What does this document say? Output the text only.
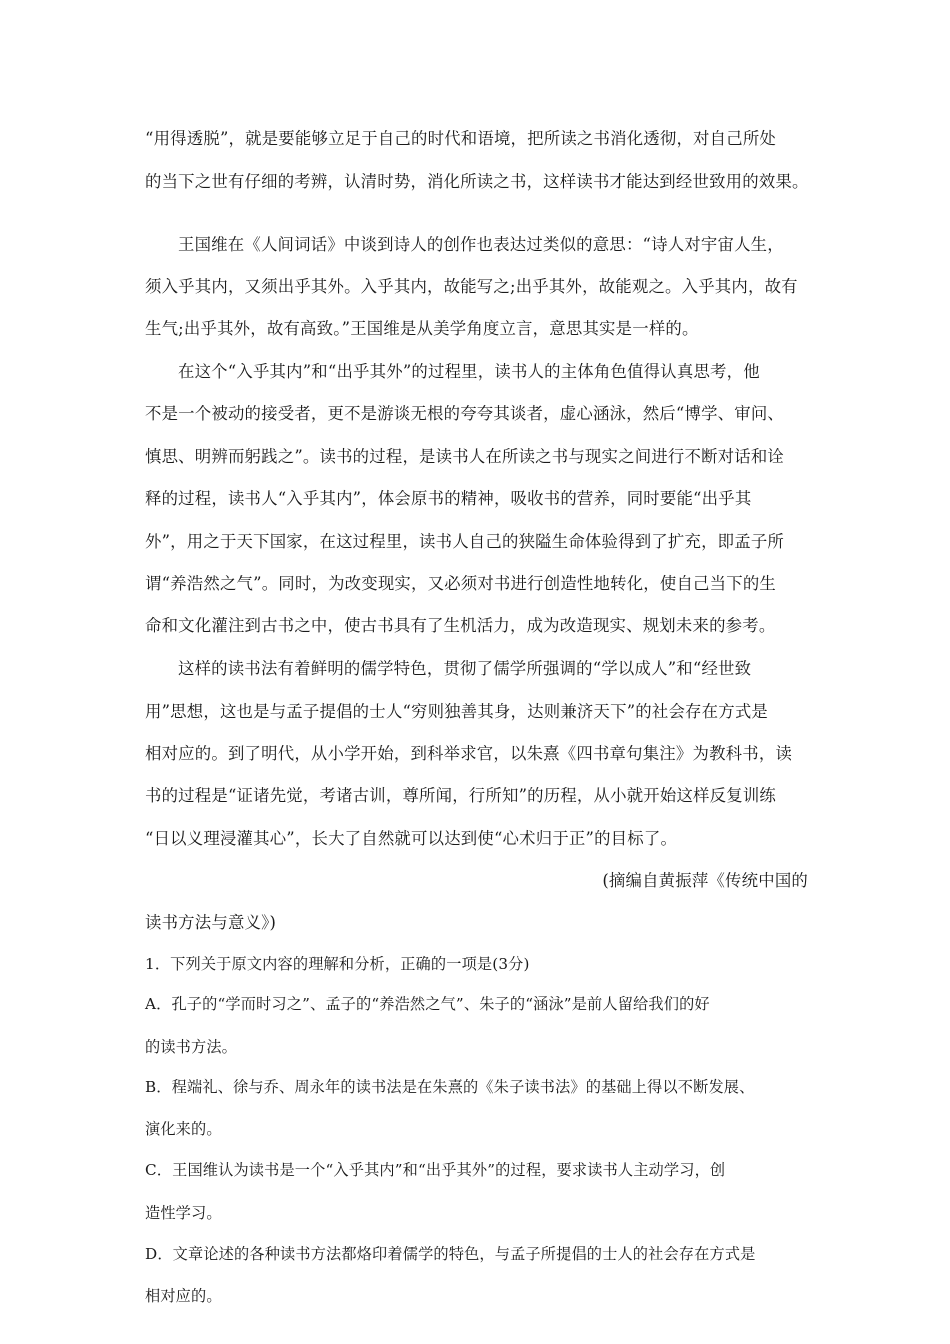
“用得透脱”，就是要能够立足于自己的时代和语境，把所读之书消化透彻，对自己所处
的当下之世有仔细的考辨，认清时势，消化所读之书，这样读书才能达到经世致用的效果。
王国维在《人间词话》中谈到诗人的创作也表达过类似的意思：“诗人对宇宙人生，
须入乎其内，又须出乎其外。入乎其内，故能写之;出乎其外，故能观之。入乎其内，故有
生气;出乎其外，故有高致。”王国维是从美学角度立言，意思其实是一样的。
在这个“入乎其内”和“出乎其外”的过程里，读书人的主体角色值得认真思考，他
不是一个被动的接受者，更不是游谈无根的夸夸其谈者，虚心涵泳，然后“博学、审问、
慎思、明辨而躬践之”。读书的过程，是读书人在所读之书与现实之间进行不断对话和诠
释的过程，读书人“入乎其内”，体会原书的精神，吸收书的营养，同时要能“出乎其
外”，用之于天下国家，在这过程里，读书人自己的狭隘生命体验得到了扩充，即孟子所
谓“养浩然之气”。同时，为改变现实，又必须对书进行创造性地转化，使自己当下的生
命和文化灌注到古书之中，使古书具有了生机活力，成为改造现实、规划未来的参考。
这样的读书法有着鲜明的儒学特色，贯彻了儒学所强调的“学以成人”和“经世致
用”思想，这也是与孟子提倡的士人“穷则独善其身，达则兼济天下”的社会存在方式是
相对应的。到了明代，从小学开始，到科举求官，以朱熹《四书章句集注》为教科书，读
书的过程是“证诸先觉，考诸古训，尊所闻，行所知”的历程，从小就开始这样反复训练
“日以义理浸灌其心”，长大了自然就可以达到使“心术归于正”的目标了。
(摘编自黄振萍《传统中国的
读书方法与意义》)
1．下列关于原文内容的理解和分析，正确的一项是(3分)
A．孔子的“学而时习之”、孟子的“养浩然之气”、朱子的“涵泳”是前人留给我们的好
的读书方法。
B．程端礼、徐与乔、周永年的读书法是在朱熹的《朱子读书法》的基础上得以不断发展、
演化来的。
C．王国维认为读书是一个“入乎其内”和“出乎其外”的过程，要求读书人主动学习，创
造性学习。
D．文章论述的各种读书方法都烙印着儒学的特色，与孟子所提倡的士人的社会存在方式是
相对应的。
